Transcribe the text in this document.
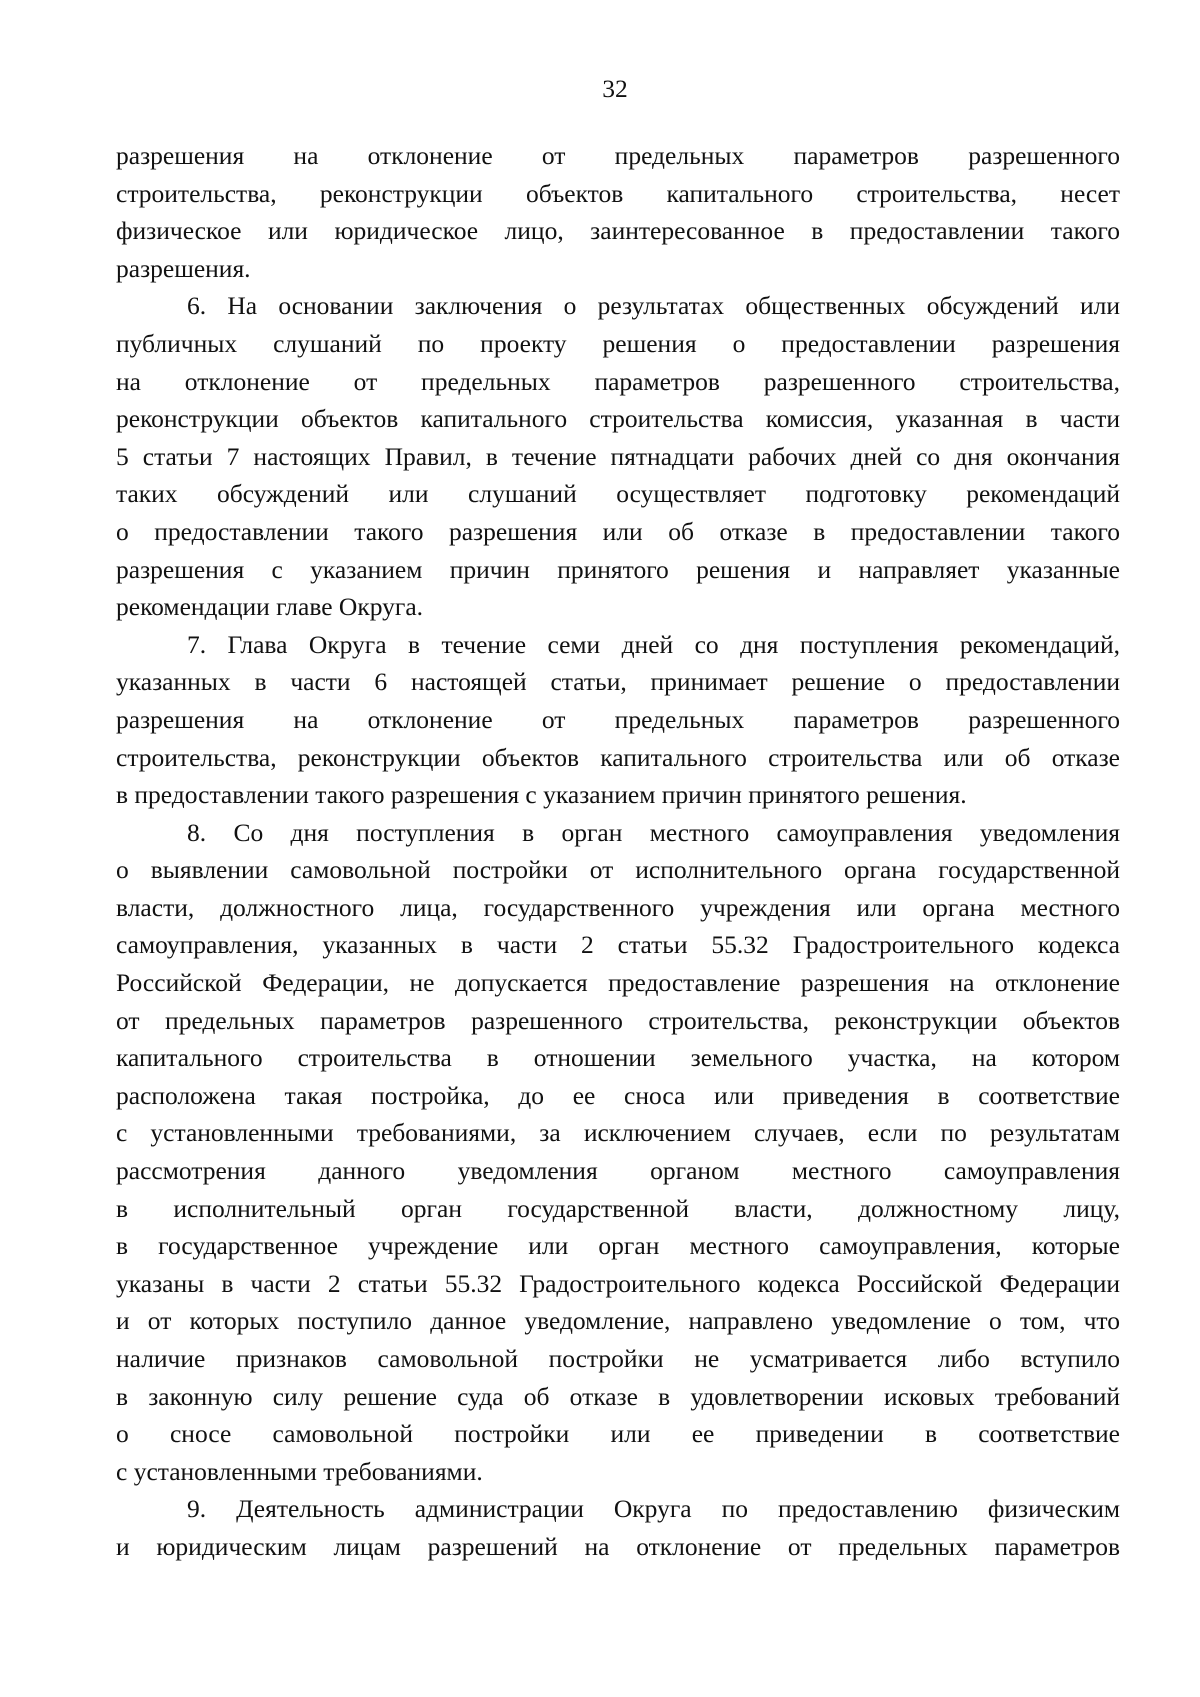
32
разрешения на отклонение от предельных параметров разрешенного
строительства, реконструкции объектов капитального строительства, несет
физическое или юридическое лицо, заинтересованное в предоставлении такого
разрешения.
6. На основании заключения о результатах общественных обсуждений или
публичных слушаний по проекту решения о предоставлении разрешения
на отклонение от предельных параметров разрешенного строительства,
реконструкции объектов капитального строительства комиссия, указанная в части
5 статьи 7 настоящих Правил, в течение пятнадцати рабочих дней со дня окончания
таких обсуждений или слушаний осуществляет подготовку рекомендаций
о предоставлении такого разрешения или об отказе в предоставлении такого
разрешения с указанием причин принятого решения и направляет указанные
рекомендации главе Округа.
7. Глава Округа в течение семи дней со дня поступления рекомендаций,
указанных в части 6 настоящей статьи, принимает решение о предоставлении
разрешения на отклонение от предельных параметров разрешенного
строительства, реконструкции объектов капитального строительства или об отказе
в предоставлении такого разрешения с указанием причин принятого решения.
8. Со дня поступления в орган местного самоуправления уведомления
о выявлении самовольной постройки от исполнительного органа государственной
власти, должностного лица, государственного учреждения или органа местного
самоуправления, указанных в части 2 статьи 55.32 Градостроительного кодекса
Российской Федерации, не допускается предоставление разрешения на отклонение
от предельных параметров разрешенного строительства, реконструкции объектов
капитального строительства в отношении земельного участка, на котором
расположена такая постройка, до ее сноса или приведения в соответствие
с установленными требованиями, за исключением случаев, если по результатам
рассмотрения данного уведомления органом местного самоуправления
в исполнительный орган государственной власти, должностному лицу,
в государственное учреждение или орган местного самоуправления, которые
указаны в части 2 статьи 55.32 Градостроительного кодекса Российской Федерации
и от которых поступило данное уведомление, направлено уведомление о том, что
наличие признаков самовольной постройки не усматривается либо вступило
в законную силу решение суда об отказе в удовлетворении исковых требований
о сносе самовольной постройки или ее приведении в соответствие
с установленными требованиями.
9. Деятельность администрации Округа по предоставлению физическим
и юридическим лицам разрешений на отклонение от предельных параметров
